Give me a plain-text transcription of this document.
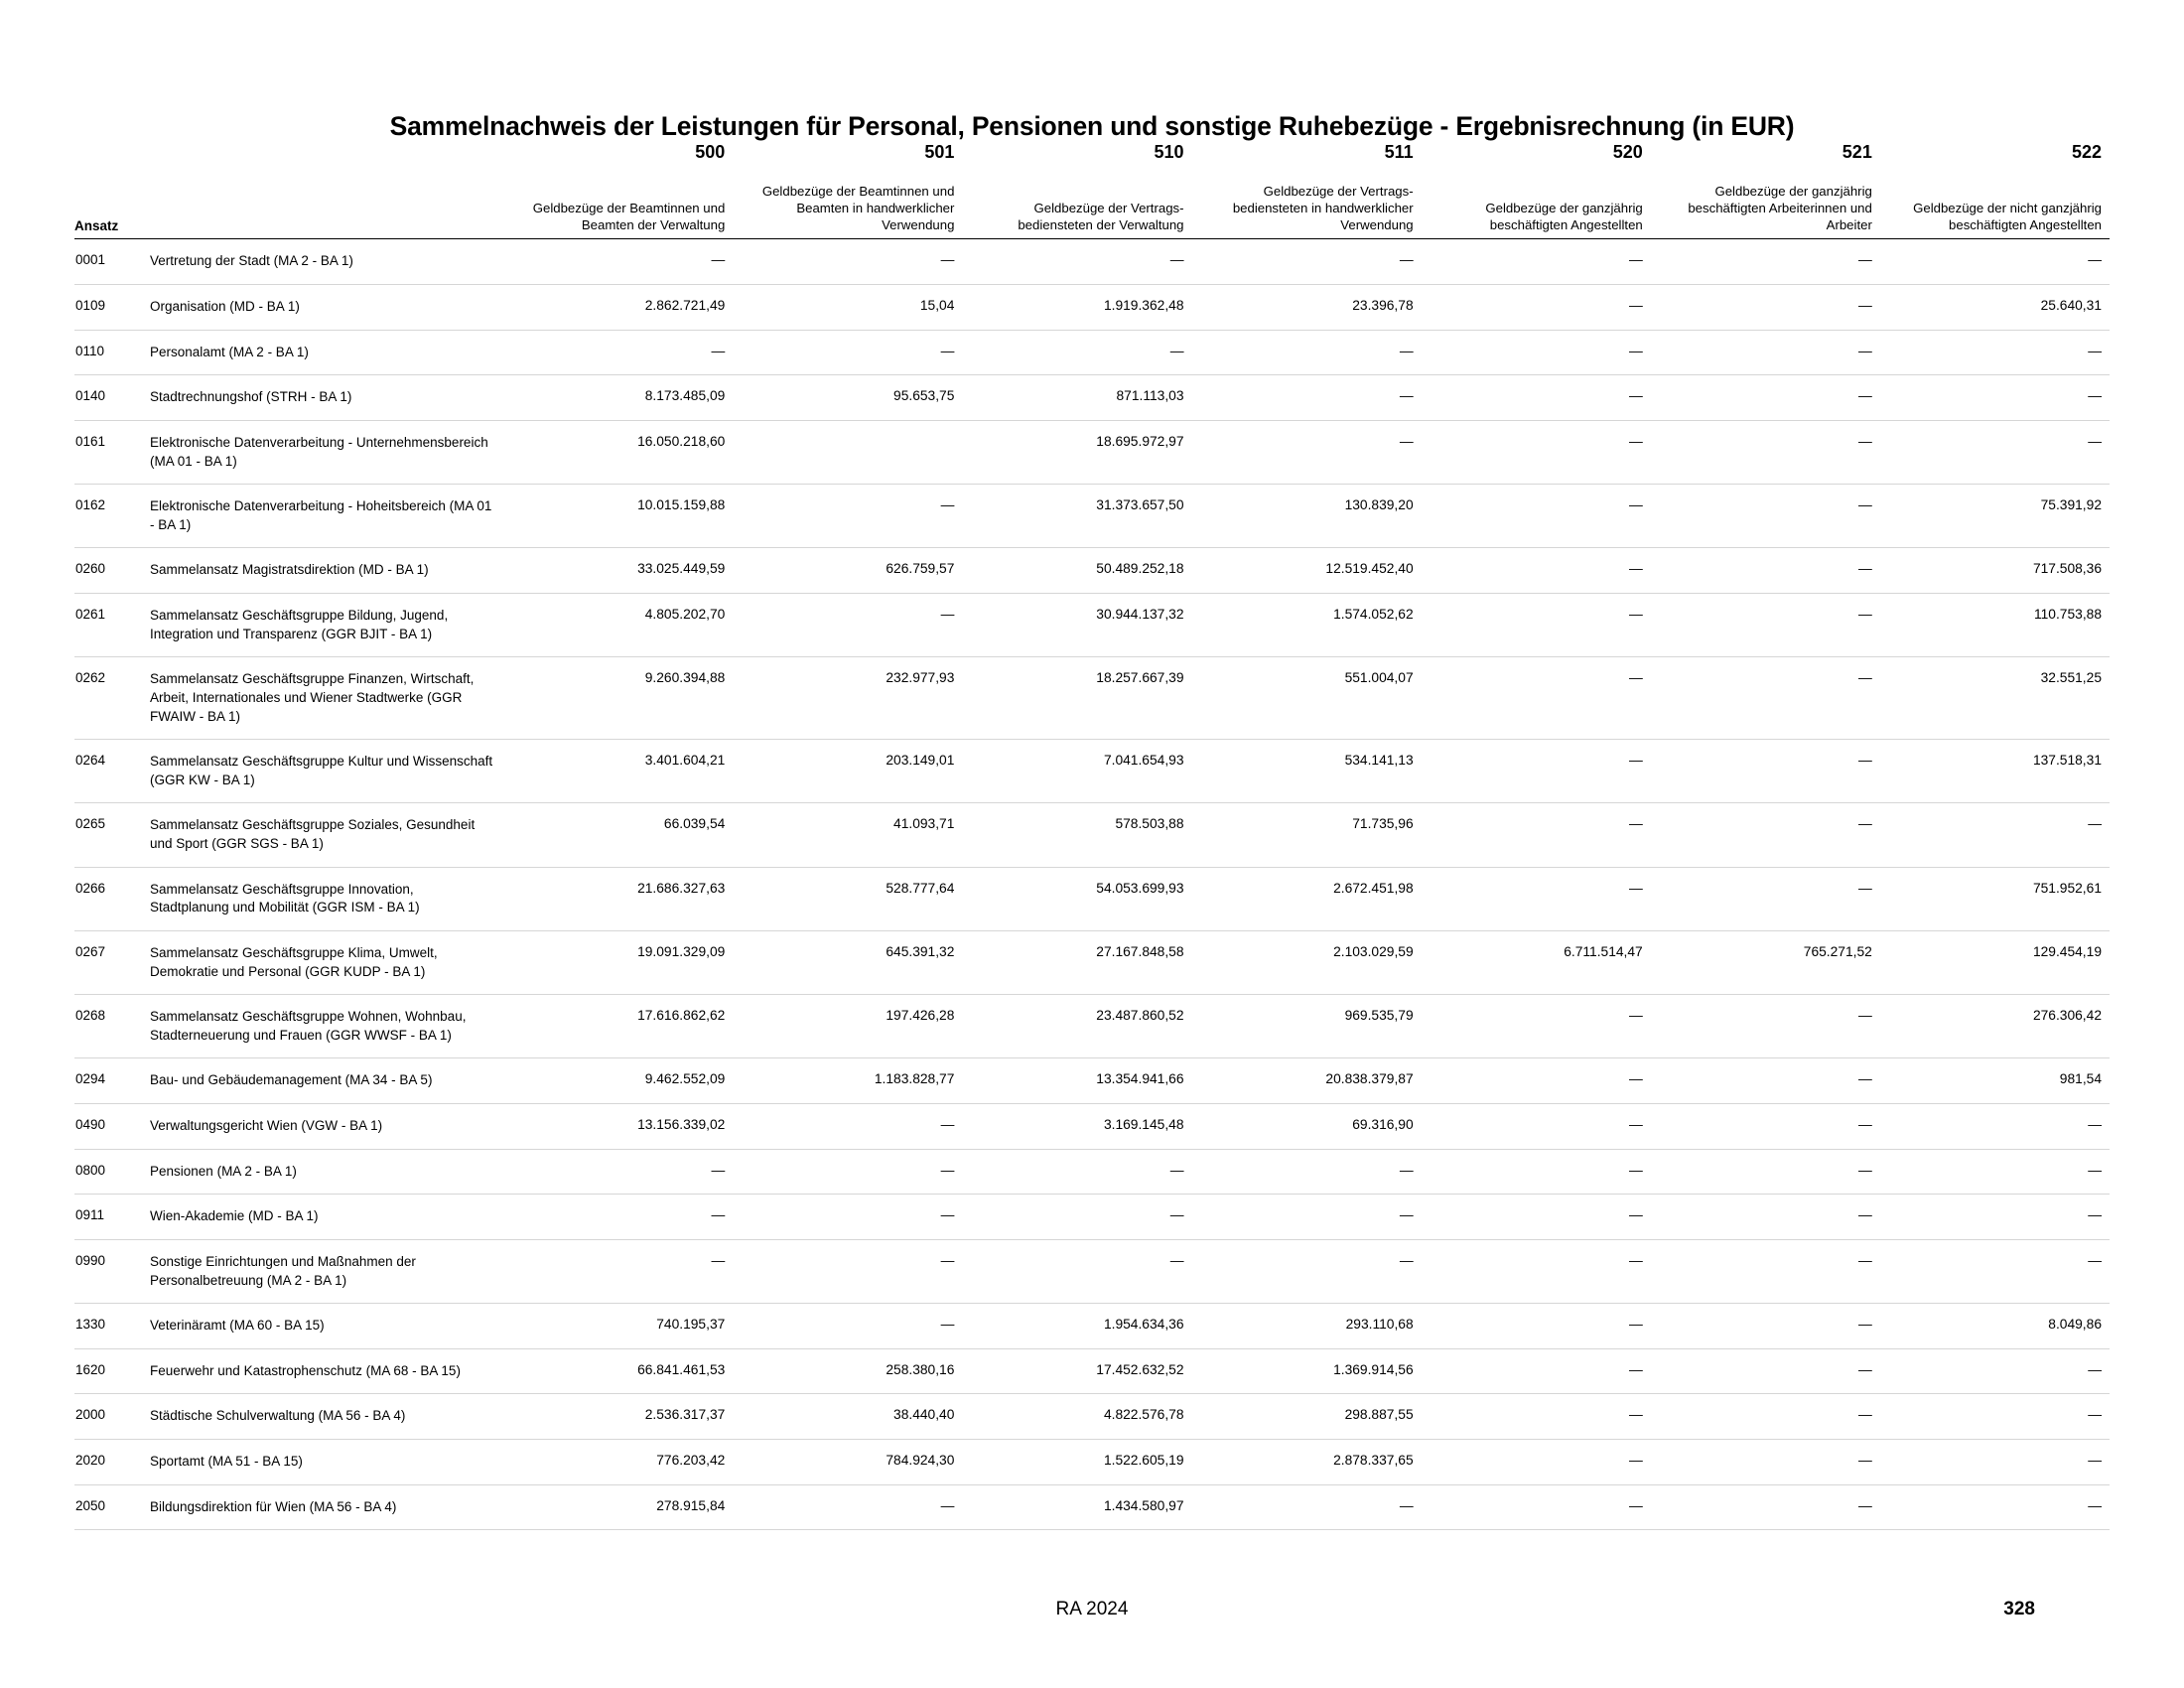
Sammelnachweis der Leistungen für Personal, Pensionen und sonstige Ruhebezüge - Ergebnisrechnung (in EUR)
		500	501	510	511	520	521	522
Ansatz		Geldbezüge der Beamtinnen und Beamten der Verwaltung	Geldbezüge der Beamtinnen und Beamten in handwerklicher Verwendung	Geldbezüge der Vertrags-bediensteten der Verwaltung	Geldbezüge der Vertrags-bediensteten in handwerklicher Verwendung	Geldbezüge der ganzjährig beschäftigten Angestellten	Geldbezüge der ganzjährig beschäftigten Arbeiterinnen und Arbeiter	Geldbezüge der nicht ganzjährig beschäftigten Angestellten
0001	Vertretung der Stadt (MA 2 - BA 1)	—	—	—	—	—	—	—
0109	Organisation (MD - BA 1)	2.862.721,49	15,04	1.919.362,48	23.396,78	—	—	25.640,31
0110	Personalamt (MA 2 - BA 1)	—	—	—	—	—	—	—
0140	Stadtrechnungshof (STRH - BA 1)	8.173.485,09	95.653,75	871.113,03	—	—	—	—
0161	Elektronische Datenverarbeitung - Unternehmensbereich (MA 01 - BA 1)	16.050.218,60		18.695.972,97	—	—	—	—
0162	Elektronische Datenverarbeitung - Hoheitsbereich (MA 01 - BA 1)	10.015.159,88	—	31.373.657,50	130.839,20	—	—	75.391,92
0260	Sammelansatz Magistratsdirektion (MD - BA 1)	33.025.449,59	626.759,57	50.489.252,18	12.519.452,40	—	—	717.508,36
0261	Sammelansatz Geschäftsgruppe Bildung, Jugend, Integration und Transparenz (GGR BJIT - BA 1)	4.805.202,70	—	30.944.137,32	1.574.052,62	—	—	110.753,88
0262	Sammelansatz Geschäftsgruppe Finanzen, Wirtschaft, Arbeit, Internationales und Wiener Stadtwerke (GGR FWAIW - BA 1)	9.260.394,88	232.977,93	18.257.667,39	551.004,07	—	—	32.551,25
0264	Sammelansatz Geschäftsgruppe Kultur und Wissenschaft (GGR KW - BA 1)	3.401.604,21	203.149,01	7.041.654,93	534.141,13	—	—	137.518,31
0265	Sammelansatz Geschäftsgruppe Soziales, Gesundheit und Sport (GGR SGS - BA 1)	66.039,54	41.093,71	578.503,88	71.735,96	—	—	—
0266	Sammelansatz Geschäftsgruppe Innovation, Stadtplanung und Mobilität (GGR ISM - BA 1)	21.686.327,63	528.777,64	54.053.699,93	2.672.451,98	—	—	751.952,61
0267	Sammelansatz Geschäftsgruppe Klima, Umwelt, Demokratie und Personal (GGR KUDP - BA 1)	19.091.329,09	645.391,32	27.167.848,58	2.103.029,59	6.711.514,47	765.271,52	129.454,19
0268	Sammelansatz Geschäftsgruppe Wohnen, Wohnbau, Stadterneuerung und Frauen (GGR WWSF - BA 1)	17.616.862,62	197.426,28	23.487.860,52	969.535,79	—	—	276.306,42
0294	Bau- und Gebäudemanagement (MA 34 - BA 5)	9.462.552,09	1.183.828,77	13.354.941,66	20.838.379,87	—	—	981,54
0490	Verwaltungsgericht Wien (VGW - BA 1)	13.156.339,02	—	3.169.145,48	69.316,90	—	—	—
0800	Pensionen (MA 2 - BA 1)	—	—	—	—	—	—	—
0911	Wien-Akademie (MD - BA 1)	—	—	—	—	—	—	—
0990	Sonstige Einrichtungen und Maßnahmen der Personalbetreuung (MA 2 - BA 1)	—	—	—	—	—	—	—
1330	Veterinäramt (MA 60 - BA 15)	740.195,37	—	1.954.634,36	293.110,68	—	—	8.049,86
1620	Feuerwehr und Katastrophenschutz (MA 68 - BA 15)	66.841.461,53	258.380,16	17.452.632,52	1.369.914,56	—	—	—
2000	Städtische Schulverwaltung (MA 56 - BA 4)	2.536.317,37	38.440,40	4.822.576,78	298.887,55	—	—	—
2020	Sportamt (MA 51 - BA 15)	776.203,42	784.924,30	1.522.605,19	2.878.337,65	—	—	—
2050	Bildungsdirektion für Wien (MA 56 - BA 4)	278.915,84	—	1.434.580,97	—	—	—	—
RA 2024	328
